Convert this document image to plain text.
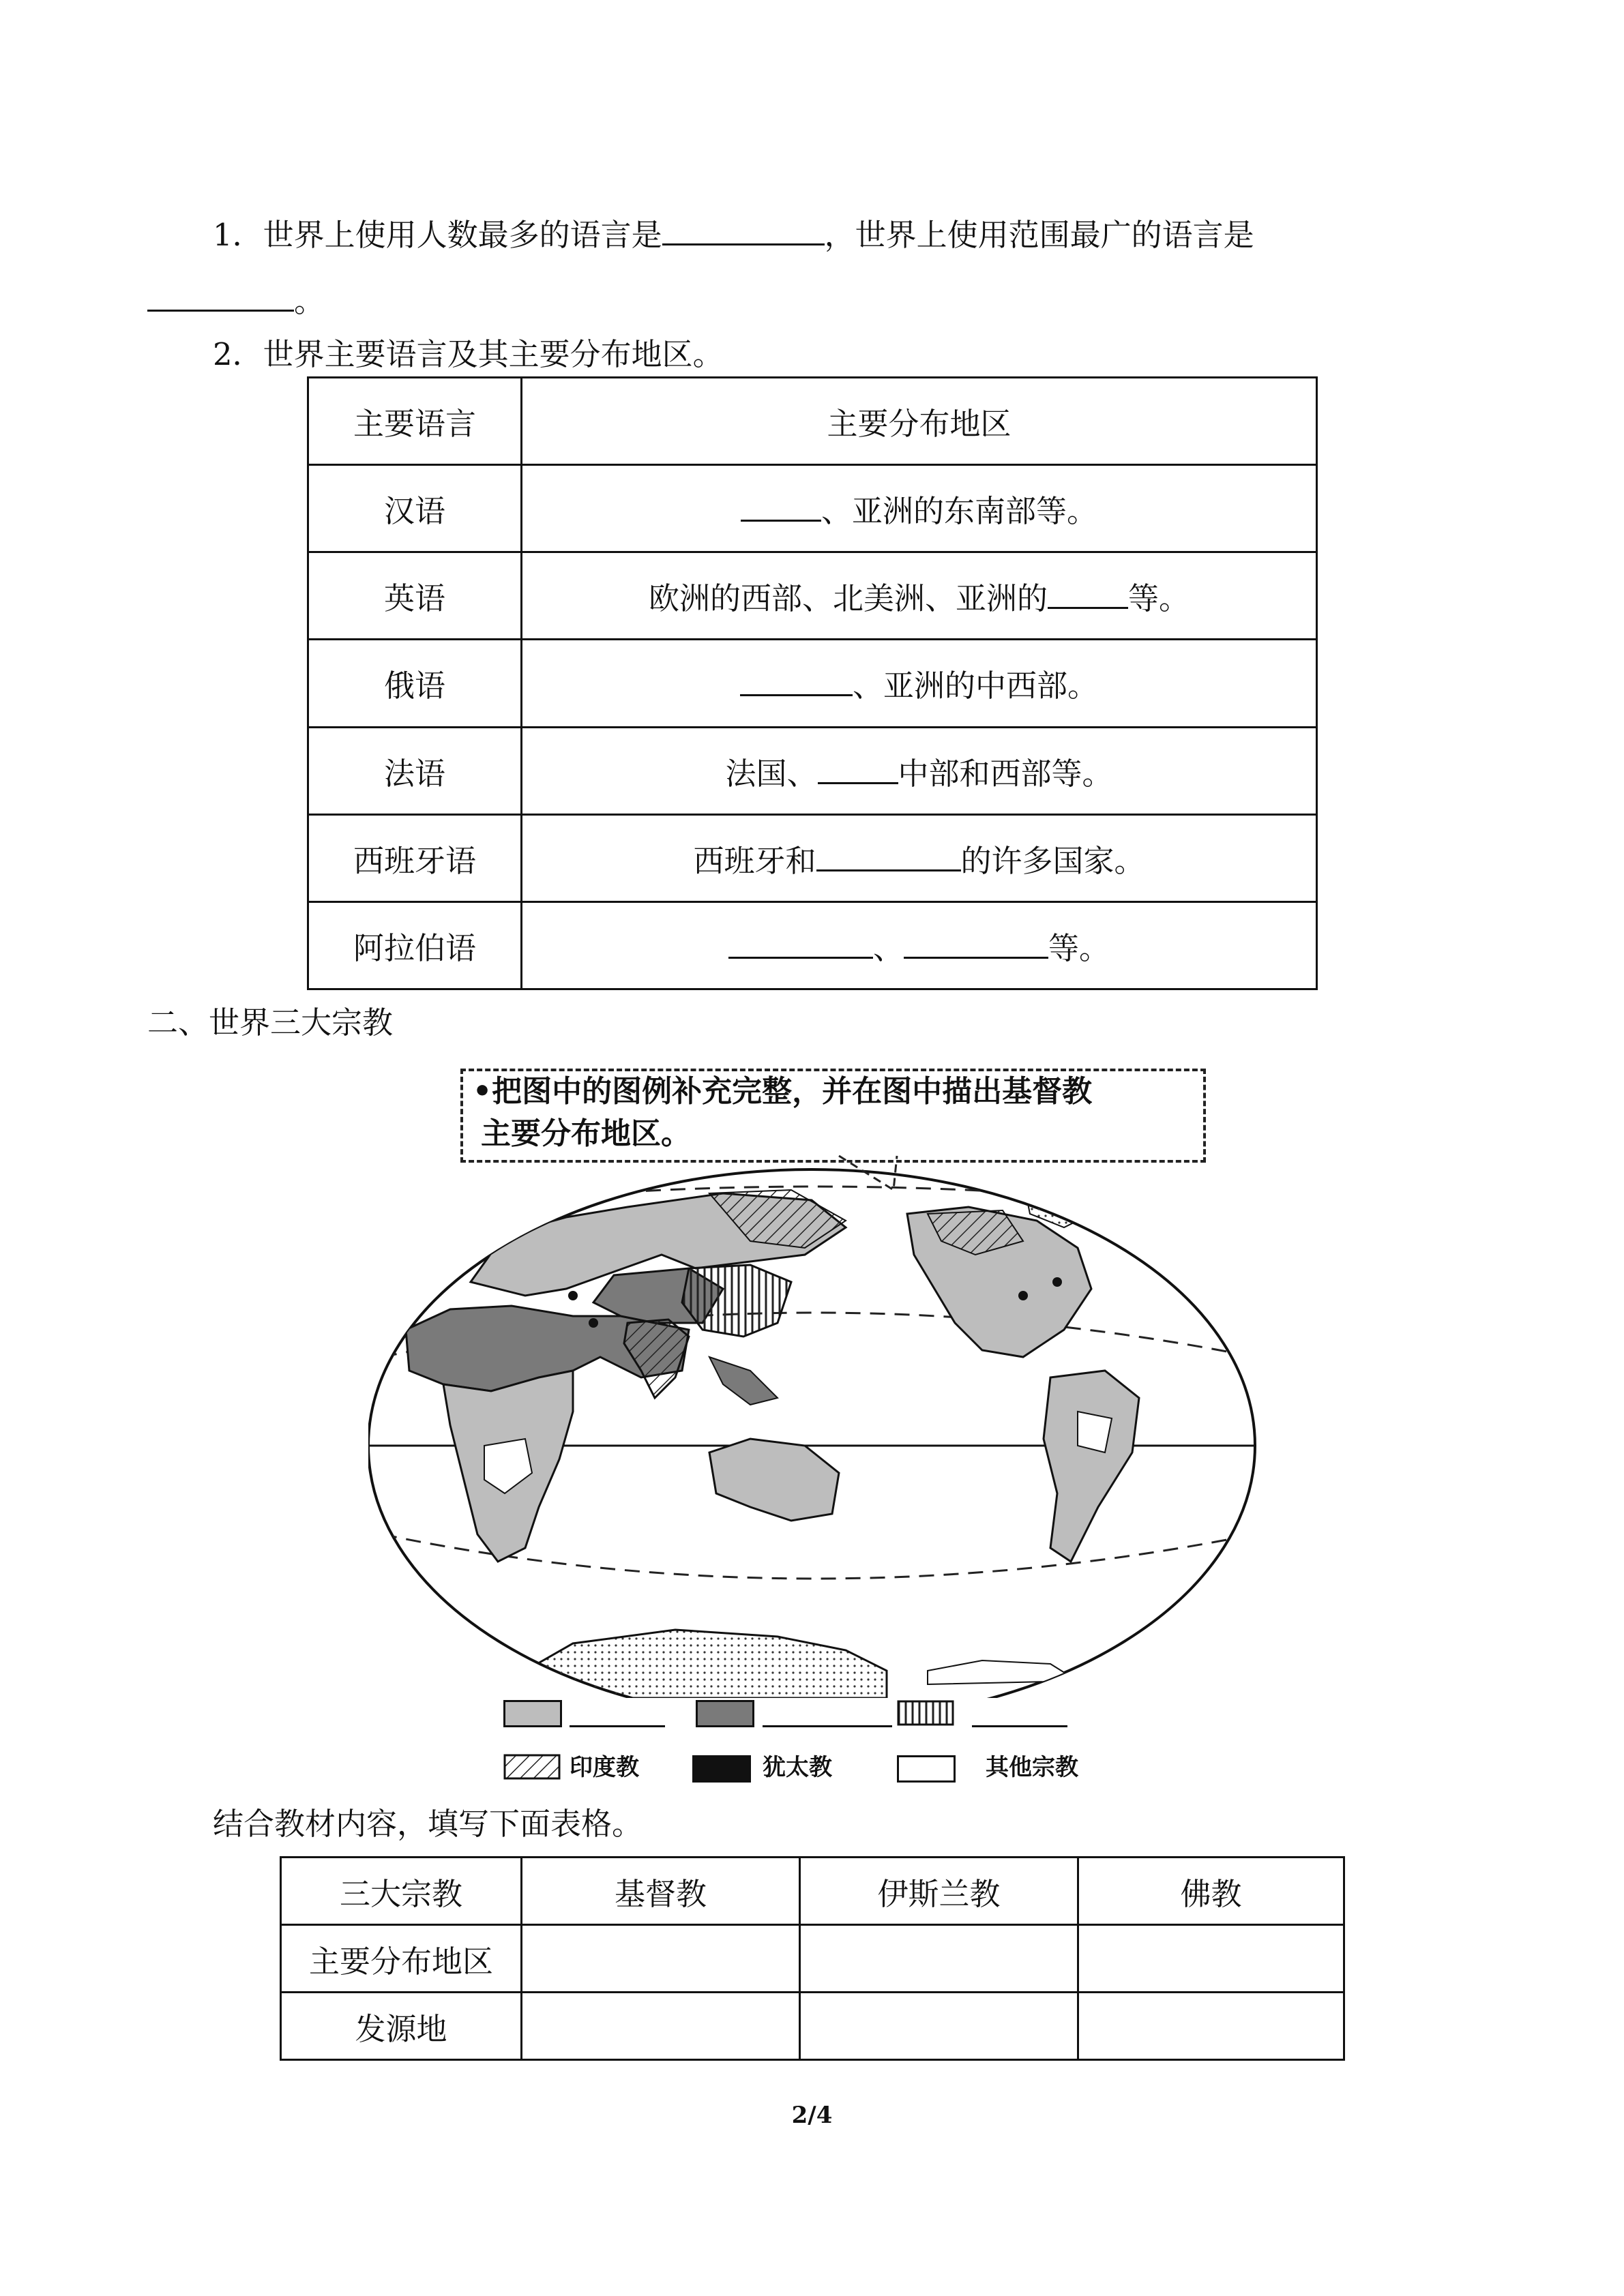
1．世界上使用人数最多的语言是	，世界上使用范围最广的语言是
。
2．世界主要语言及其主要分布地区。
主要语言	主要分布地区
汉语	、亚洲的东南部等。
英语	欧洲的西部、北美洲、亚洲的 等。
俄语	、亚洲的中西部。
法语	法国、 中部和西部等。
西班牙语	西班牙和 的许多国家。
阿拉伯语	、 等。
二、世界三大宗教
•把图中的图例补充完整，并在图中描出基督教
主要分布地区。
印度教	犹太教	其他宗教
结合教材内容，填写下面表格。
三大宗教	基督教	伊斯兰教	佛教
主要分布地区			
发源地			
2/4
